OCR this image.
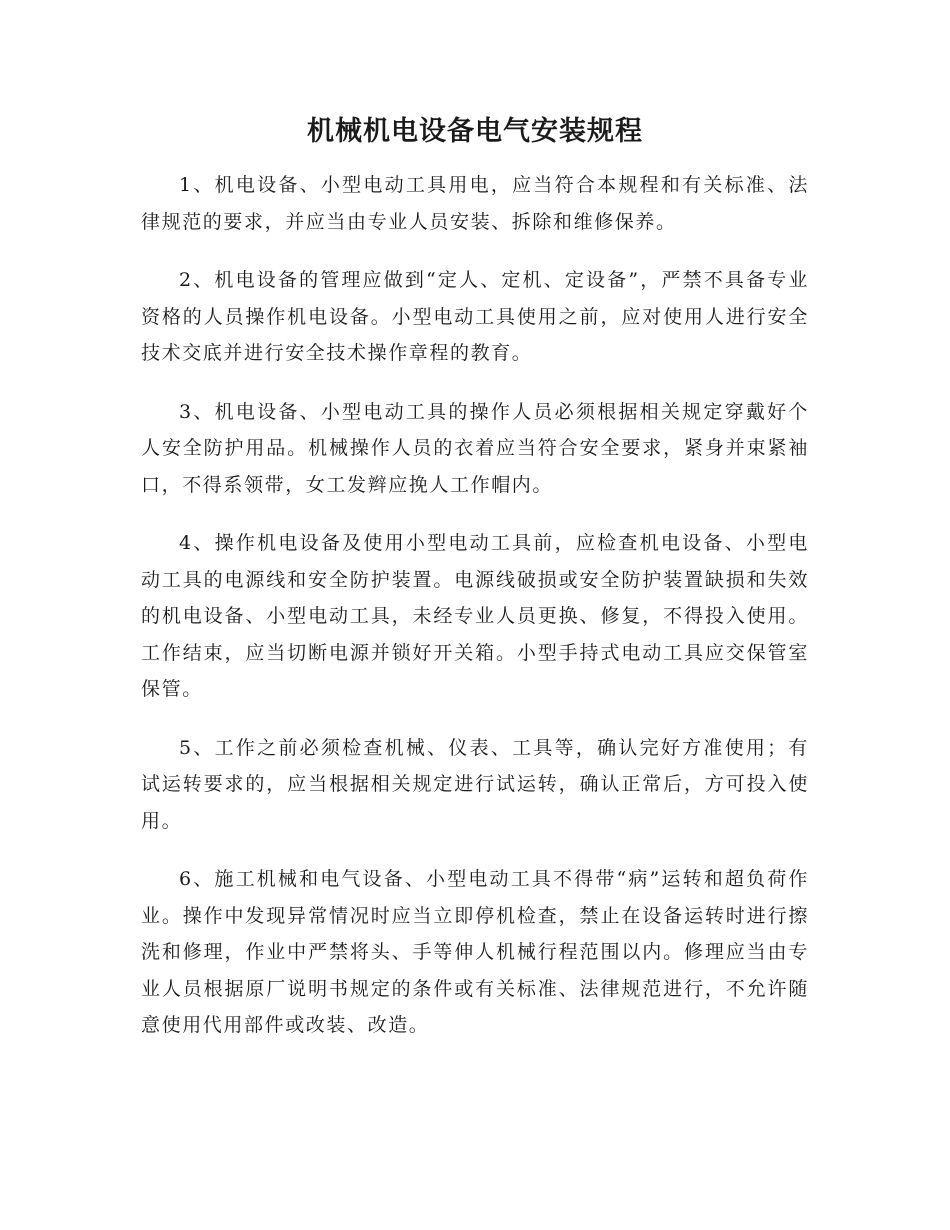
机械机电设备电气安装规程

1、机电设备、小型电动工具用电，应当符合本规程和有关标准、法律规范的要求，并应当由专业人员安装、拆除和维修保养。

2、机电设备的管理应做到“定人、定机、定设备”，严禁不具备专业资格的人员操作机电设备。小型电动工具使用之前，应对使用人进行安全技术交底并进行安全技术操作章程的教育。

3、机电设备、小型电动工具的操作人员必须根据相关规定穿戴好个人安全防护用品。机械操作人员的衣着应当符合安全要求，紧身并束紧袖口，不得系领带，女工发辫应挽人工作帽内。

4、操作机电设备及使用小型电动工具前，应检查机电设备、小型电动工具的电源线和安全防护装置。电源线破损或安全防护装置缺损和失效的机电设备、小型电动工具，未经专业人员更换、修复，不得投入使用。工作结束，应当切断电源并锁好开关箱。小型手持式电动工具应交保管室保管。

5、工作之前必须检查机械、仪表、工具等，确认完好方准使用；有试运转要求的，应当根据相关规定进行试运转，确认正常后，方可投入使用。

6、施工机械和电气设备、小型电动工具不得带“病”运转和超负荷作业。操作中发现异常情况时应当立即停机检查，禁止在设备运转时进行擦洗和修理，作业中严禁将头、手等伸人机械行程范围以内。修理应当由专业人员根据原厂说明书规定的条件或有关标准、法律规范进行，不允许随意使用代用部件或改装、改造。
